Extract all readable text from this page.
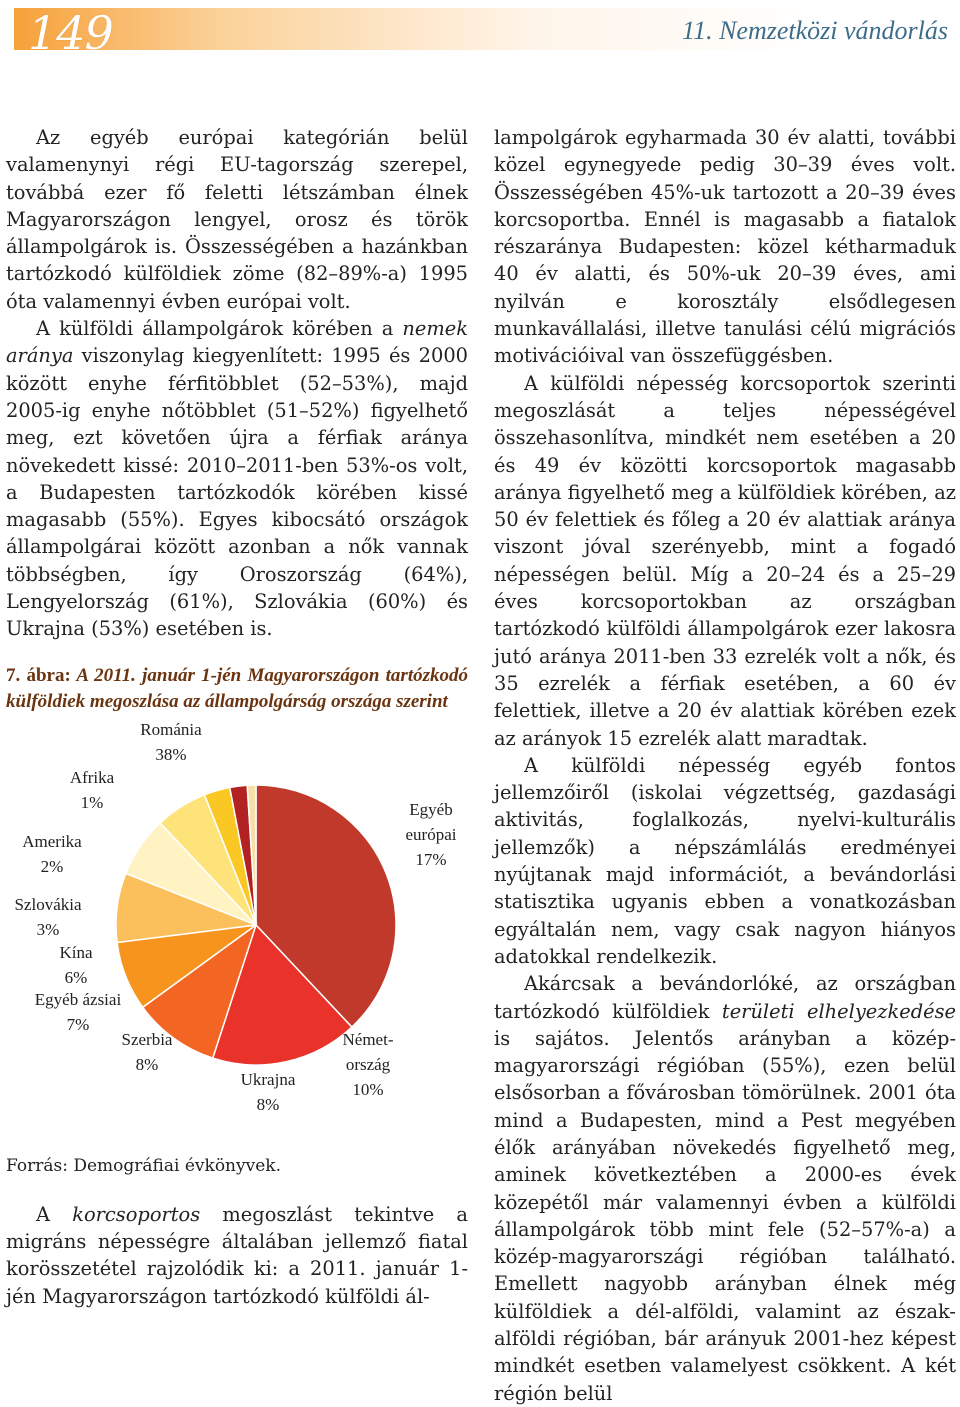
149	11. Nemzetközi vándorlás

Az egyéb európai kategórián belül valamenynyi régi EU-tagország szerepel, továbbá ezer fő feletti létszámban élnek Magyarországon lengyel, orosz és török állampolgárok is. Összességében a hazánkban tartózkodó külföldiek zöme (82–89%-a) 1995 óta valamennyi évben európai volt.

A külföldi állampolgárok körében a nemek aránya viszonylag kiegyenlített: 1995 és 2000 között enyhe férfitöbblet (52–53%), majd 2005-ig enyhe nőtöbblet (51–52%) figyelhető meg, ezt követően újra a férfiak aránya növekedett kissé: 2010–2011-ben 53%-os volt, a Budapesten tartózkodók körében kissé magasabb (55%). Egyes kibocsátó országok állampolgárai között azonban a nők vannak többségben, így Oroszország (64%), Lengyelország (61%), Szlovákia (60%) és Ukrajna (53%) esetében is.

7. ábra: A 2011. január 1-jén Magyarországon tartózkodó külföldiek megoszlása az állampolgárság országa szerint

Románia 38%
Egyéb európai 17%
Német-ország 10%
Ukrajna 8%
Szerbia 8%
Egyéb ázsiai 7%
Kína 6%
Szlovákia 3%
Amerika 2%
Afrika 1%

Forrás: Demográfiai évkönyvek.

A korcsoportos megoszlást tekintve a migráns népességre általában jellemző fiatal korösszetétel rajzolódik ki: a 2011. január 1-jén Magyarországon tartózkodó külföldi ál-

lampolgárok egyharmada 30 év alatti, további közel egynegyede pedig 30–39 éves volt. Összességében 45%-uk tartozott a 20–39 éves korcsoportba. Ennél is magasabb a fiatalok részaránya Budapesten: közel kétharmaduk 40 év alatti, és 50%-uk 20–39 éves, ami nyilván e korosztály elsődlegesen munkavállalási, illetve tanulási célú migrációs motivációival van összefüggésben.

A külföldi népesség korcsoportok szerinti megoszlását a teljes népességével összehasonlítva, mindkét nem esetében a 20 és 49 év közötti korcsoportok magasabb aránya figyelhető meg a külföldiek körében, az 50 év felettiek és főleg a 20 év alattiak aránya viszont jóval szerényebb, mint a fogadó népességen belül. Míg a 20–24 és a 25–29 éves korcsoportokban az országban tartózkodó külföldi állampolgárok ezer lakosra jutó aránya 2011-ben 33 ezrelék volt a nők, és 35 ezrelék a férfiak esetében, a 60 év felettiek, illetve a 20 év alattiak körében ezek az arányok 15 ezrelék alatt maradtak.

A külföldi népesség egyéb fontos jellemzőiről (iskolai végzettség, gazdasági aktivitás, foglalkozás, nyelvi-kulturális jellemzők) a népszámlálás eredményei nyújtanak majd információt, a bevándorlási statisztika ugyanis ebben a vonatkozásban egyáltalán nem, vagy csak nagyon hiányos adatokkal rendelkezik.

Akárcsak a bevándorlóké, az országban tartózkodó külföldiek területi elhelyezkedése is sajátos. Jelentős arányban a közép-magyarországi régióban (55%), ezen belül elsősorban a fővárosban tömörülnek. 2001 óta mind a Budapesten, mind a Pest megyében élők arányában növekedés figyelhető meg, aminek következtében a 2000-es évek közepétől már valamennyi évben a külföldi állampolgárok több mint fele (52–57%-a) a közép-magyarországi régióban található. Emellett nagyobb arányban élnek még külföldiek a dél-alföldi, valamint az észak-alföldi régióban, bár arányuk 2001-hez képest mindkét esetben valamelyest csökkent. A két régión belül
